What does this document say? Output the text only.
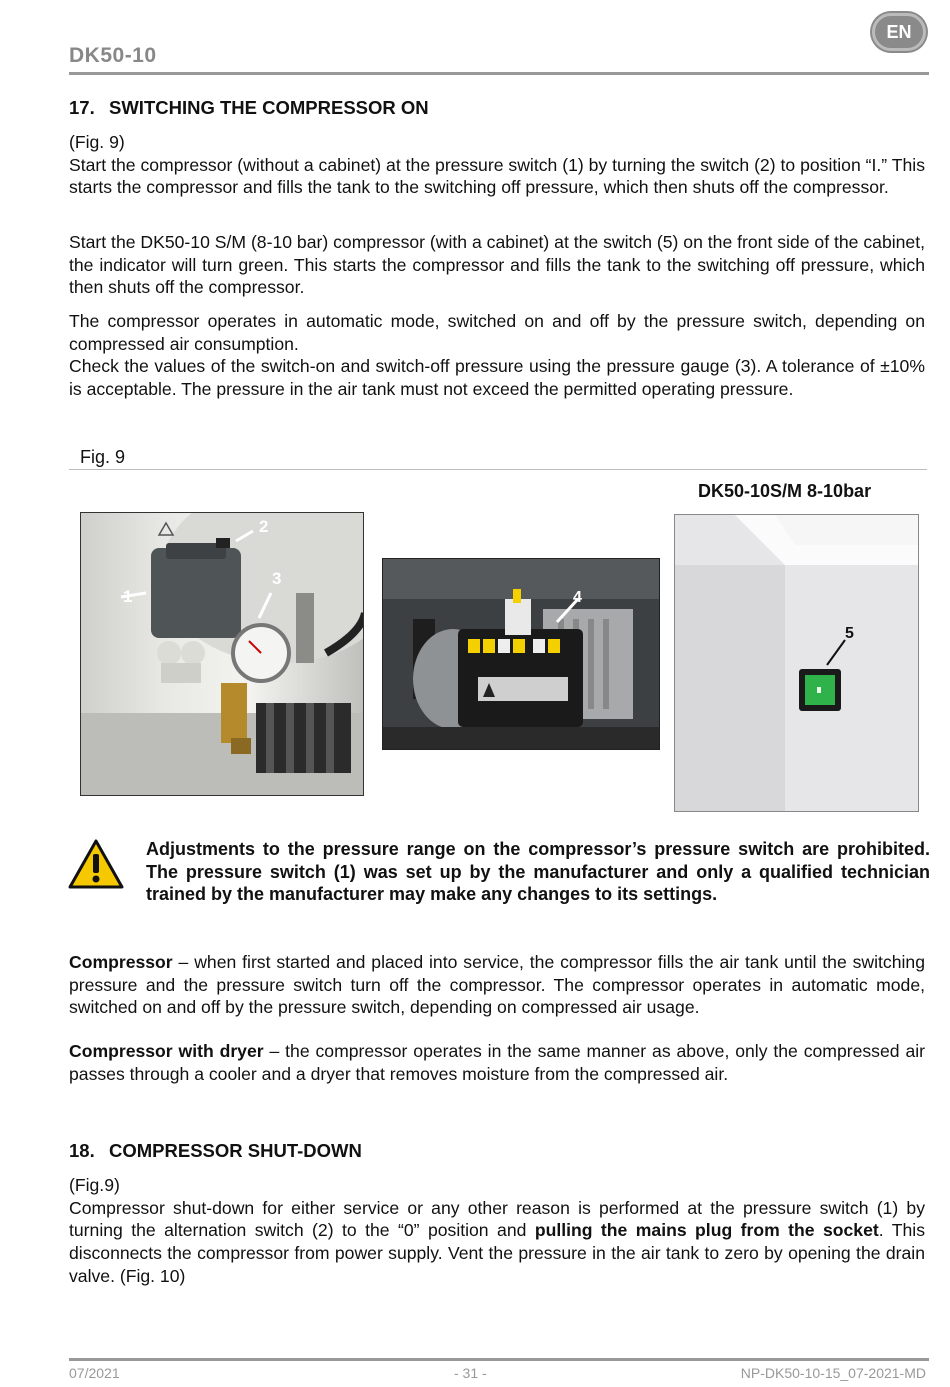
DK50-10
EN
17. SWITCHING THE COMPRESSOR ON
(Fig. 9)
Start the compressor (without a cabinet) at the pressure switch (1) by turning the switch (2) to position “I.” This starts the compressor and fills the tank to the switching off pressure, which then shuts off the compressor.
Start the DK50-10 S/M (8-10 bar) compressor (with a cabinet) at the switch (5) on the front side of the cabinet, the indicator will turn green. This starts the compressor and fills the tank to the switching off pressure, which then shuts off the compressor.
The compressor operates in automatic mode, switched on and off by the pressure switch, depending on compressed air consumption.
Check the values of the switch-on and switch-off pressure using the pressure gauge (3). A tolerance of ±10% is acceptable. The pressure in the air tank must not exceed the permitted operating pressure.
Fig. 9
DK50-10S/M 8-10bar
1
2
3
4
5
Adjustments to the pressure range on the compressor’s pressure switch are prohibited. The pressure switch (1) was set up by the manufacturer and only a qualified technician trained by the manufacturer may make any changes to its settings.
Compressor – when first started and placed into service, the compressor fills the air tank until the switching pressure and the pressure switch turn off the compressor. The compressor operates in automatic mode, switched on and off by the pressure switch, depending on compressed air usage.
Compressor with dryer – the compressor operates in the same manner as above, only the compressed air passes through a cooler and a dryer that removes moisture from the compressed air.
18. COMPRESSOR SHUT-DOWN
(Fig.9)
Compressor shut-down for either service or any other reason is performed at the pressure switch (1) by turning the alternation switch (2) to the “0” position and pulling the mains plug from the socket. This disconnects the compressor from power supply. Vent the pressure in the air tank to zero by opening the drain valve. (Fig. 10)
07/2021	- 31 -	NP-DK50-10-15_07-2021-MD
